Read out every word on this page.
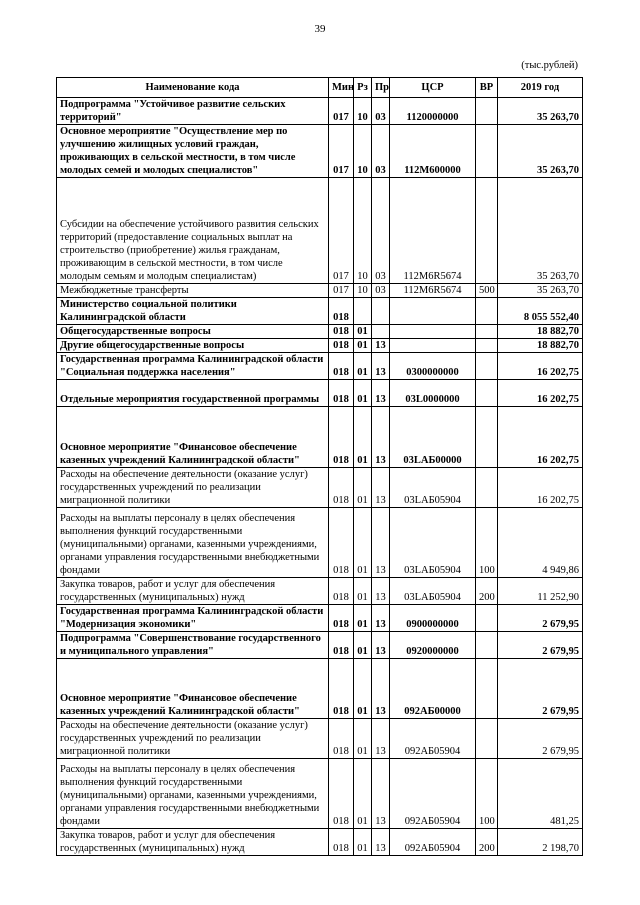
39
(тыс.рублей)
Наименование кода	Мин	Рз	Пр	ЦСР	ВР	2019 год
Подпрограмма "Устойчивое развитие сельских территорий"	017	10	03	1120000000		35 263,70
Основное мероприятие "Осуществление мер по улучшению жилищных условий граждан, проживающих в сельской местности, в том числе молодых семей и молодых специалистов"	017	10	03	112М600000		35 263,70
Субсидии на обеспечение устойчивого развития сельских территорий (предоставление социальных выплат на строительство (приобретение) жилья гражданам, проживающим в сельской местности, в том числе молодым семьям и молодым специалистам)	017	10	03	112М6R5674		35 263,70
Межбюджетные трансферты	017	10	03	112М6R5674	500	35 263,70
Министерство социальной политики Калининградской области	018					8 055 552,40
Общегосударственные вопросы	018	01				18 882,70
Другие общегосударственные вопросы	018	01	13			18 882,70
Государственная программа Калининградской области "Социальная поддержка населения"	018	01	13	0300000000		16 202,75
Отдельные мероприятия государственной программы	018	01	13	03L0000000		16 202,75
Основное мероприятие "Финансовое обеспечение казенных учреждений Калининградской области"	018	01	13	03LАБ00000		16 202,75
Расходы на обеспечение деятельности (оказание услуг) государственных учреждений по реализации миграционной политики	018	01	13	03LАБ05904		16 202,75
Расходы на выплаты персоналу в целях обеспечения выполнения функций государственными (муниципальными) органами, казенными учреждениями, органами управления государственными внебюджетными фондами	018	01	13	03LАБ05904	100	4 949,86
Закупка товаров, работ и услуг для обеспечения государственных (муниципальных) нужд	018	01	13	03LАБ05904	200	11 252,90
Государственная программа Калининградской области "Модернизация экономики"	018	01	13	0900000000		2 679,95
Подпрограмма "Совершенствование государственного и муниципального управления"	018	01	13	0920000000		2 679,95
Основное мероприятие "Финансовое обеспечение казенных учреждений Калининградской области"	018	01	13	092АБ00000		2 679,95
Расходы на обеспечение деятельности (оказание услуг) государственных учреждений по реализации миграционной политики	018	01	13	092АБ05904		2 679,95
Расходы на выплаты персоналу в целях обеспечения выполнения функций государственными (муниципальными) органами, казенными учреждениями, органами управления государственными внебюджетными фондами	018	01	13	092АБ05904	100	481,25
Закупка товаров, работ и услуг для обеспечения государственных (муниципальных) нужд	018	01	13	092АБ05904	200	2 198,70
